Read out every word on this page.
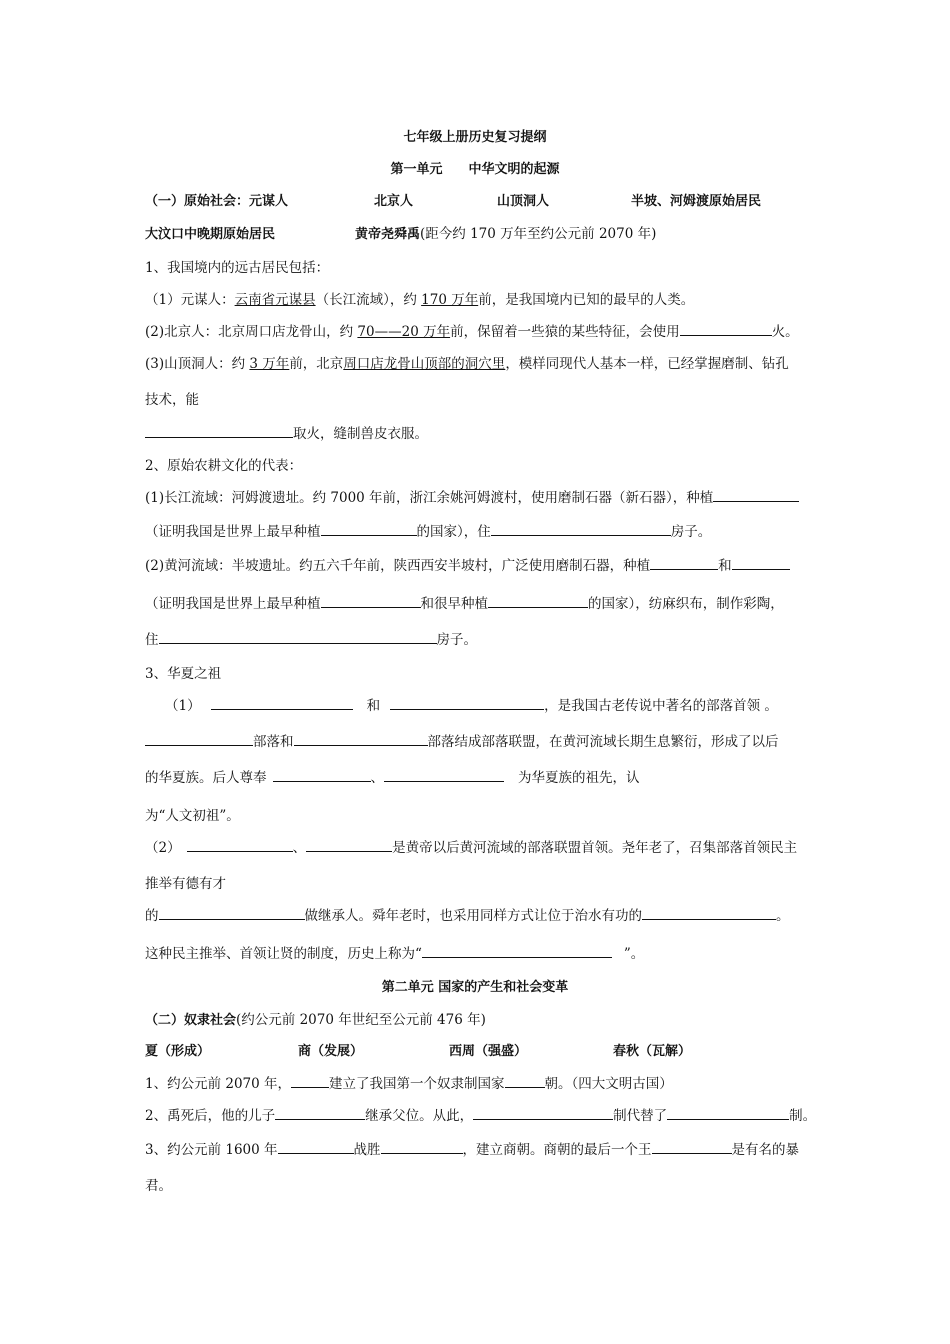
七年级上册历史复习提纲
第一单元　　中华文明的起源
（一）原始社会：元谋人	北京人	山顶洞人	半坡、河姆渡原始居民
大汶口中晚期原始居民	黄帝尧舜禹(距今约 170 万年至约公元前 2070 年)
1、我国境内的远古居民包括：
（1）元谋人：云南省元谋县（长江流域），约 170 万年前，是我国境内已知的最早的人类。
(2)北京人：北京周口店龙骨山，约 70——20 万年前，保留着一些猿的某些特征，会使用	火。
(3)山顶洞人：约 3 万年前，北京周口店龙骨山顶部的洞穴里，模样同现代人基本一样，已经掌握磨制、钻孔
技术，能
取火，缝制兽皮衣服。
2、原始农耕文化的代表：
(1)长江流域：河姆渡遗址。约 7000 年前，浙江余姚河姆渡村，使用磨制石器（新石器），种植
（证明我国是世界上最早种植	的国家），住	房子。
(2)黄河流域：半坡遗址。约五六千年前，陕西西安半坡村，广泛使用磨制石器，种植	和
（证明我国是世界上最早种植	和很早种植	的国家），纺麻织布，制作彩陶，
住	房子。
3、华夏之祖
（1）	和	，是我国古老传说中著名的部落首领 。
部落和	部落结成部落联盟，在黄河流域长期生息繁衍，形成了以后
的华夏族。后人尊奉	、	为华夏族的祖先，认
为“人文初祖”。
（2）	、	是黄帝以后黄河流域的部落联盟首领。尧年老了，召集部落首领民主
推举有德有才
的	做继承人。舜年老时，也采用同样方式让位于治水有功的	。
这种民主推举、首领让贤的制度，历史上称为“	”。
第二单元 国家的产生和社会变革
（二）奴隶社会(约公元前 2070 年世纪至公元前 476 年)
夏（形成）	商（发展）	西周（强盛）	春秋（瓦解）
1、约公元前 2070 年，	建立了我国第一个奴隶制国家	朝。（四大文明古国）
2、禹死后，他的儿子	继承父位。从此，	制代替了	制。
3、约公元前 1600 年	战胜	，建立商朝。商朝的最后一个王	是有名的暴
君。
